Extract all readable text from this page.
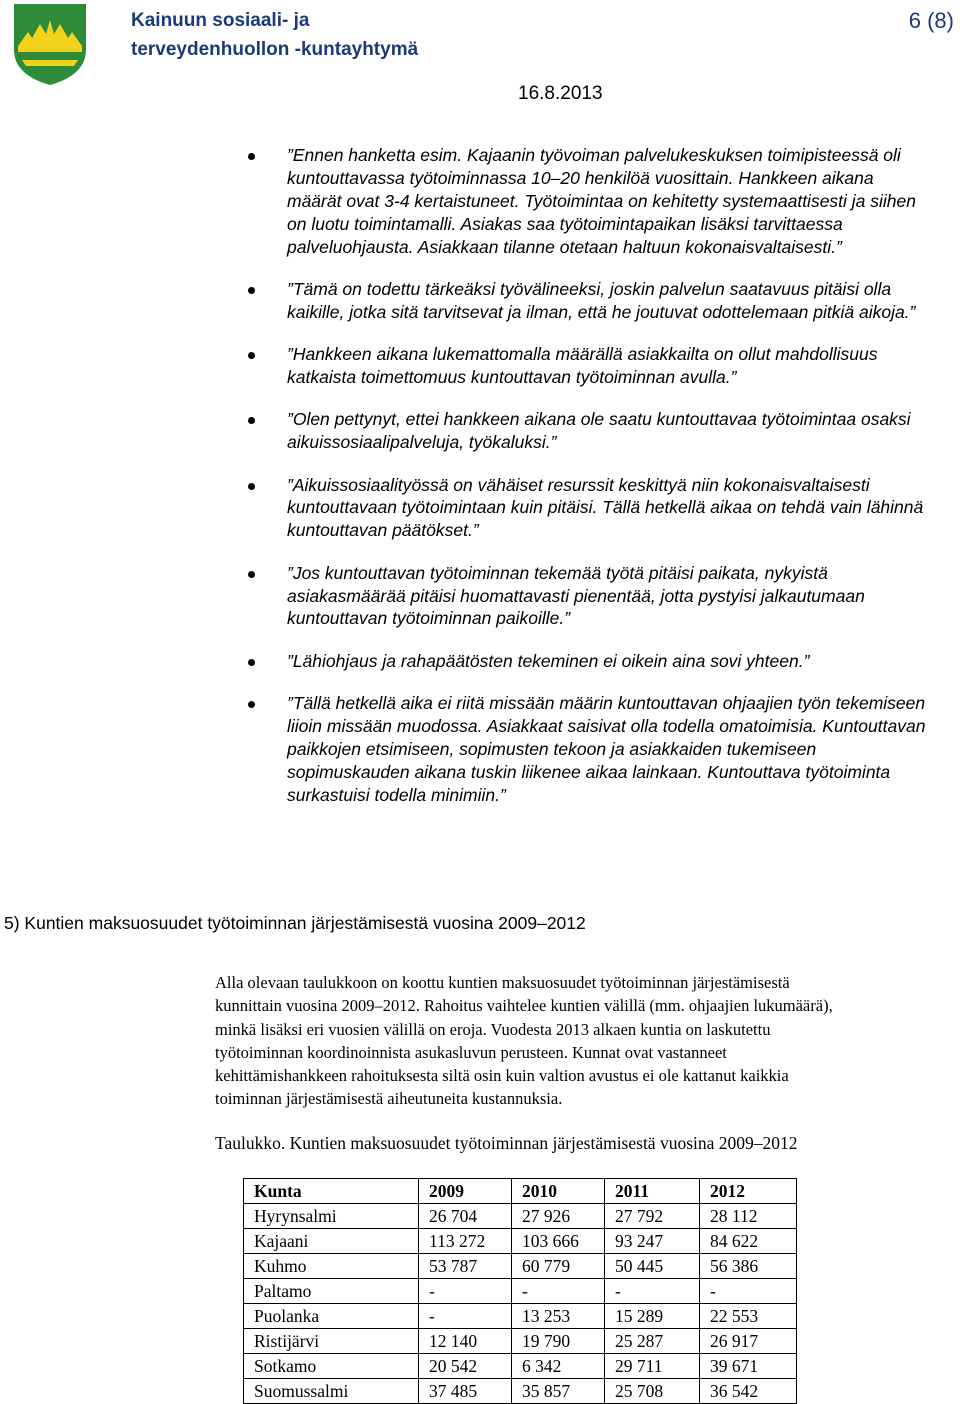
Kainuun sosiaali- ja
terveydenhuollon -kuntayhtymä
6 (8)
16.8.2013
”Ennen hanketta esim. Kajaanin työvoiman palvelukeskuksen toimipisteessä oli kuntouttavassa työtoiminnassa 10–20 henkilöä vuosittain. Hankkeen aikana määrät ovat 3-4 kertaistuneet. Työtoimintaa on kehitetty systemaattisesti ja siihen on luotu toimintamalli. Asiakas saa työtoimintapaikan lisäksi tarvittaessa palveluohjausta. Asiakkaan tilanne otetaan haltuun kokonaisvaltaisesti.”
”Tämä on todettu tärkeäksi työvälineeksi, joskin palvelun saatavuus pitäisi olla kaikille, jotka sitä tarvitsevat ja ilman, että he joutuvat odottelemaan pitkiä aikoja.”
”Hankkeen aikana lukemattomalla määrällä asiakkailta on ollut mahdollisuus katkaista toimettomuus kuntouttavan työtoiminnan avulla.”
”Olen pettynyt, ettei hankkeen aikana ole saatu kuntouttavaa työtoimintaa osaksi aikuissosiaalipalveluja, työkaluksi.”
”Aikuissosiaalityössä on vähäiset resurssit keskittyä niin kokonaisvaltaisesti kuntouttavaan työtoimintaan kuin pitäisi. Tällä hetkellä aikaa on tehdä vain lähinnä kuntouttavan päätökset.”
”Jos kuntouttavan työtoiminnan tekemää työtä pitäisi paikata, nykyistä asiakasmäärää pitäisi huomattavasti pienentää, jotta pystyisi jalkautumaan kuntouttavan työtoiminnan paikoille.”
”Lähiohjaus ja rahapäätösten tekeminen ei oikein aina sovi yhteen.”
”Tällä hetkellä aika ei riitä missään määrin kuntouttavan ohjaajien työn tekemiseen liioin missään muodossa. Asiakkaat saisivat olla todella omatoimisia. Kuntouttavan paikkojen etsimiseen, sopimusten tekoon ja asiakkaiden tukemiseen sopimuskauden aikana tuskin liikenee aikaa lainkaan. Kuntouttava työtoiminta surkastuisi todella minimiin.”
5) Kuntien maksuosuudet työtoiminnan järjestämisestä vuosina 2009–2012
Alla olevaan taulukkoon on koottu kuntien maksuosuudet työtoiminnan järjestämisestä
kunnittain vuosina 2009–2012. Rahoitus vaihtelee kuntien välillä (mm. ohjaajien lukumäärä),
minkä lisäksi eri vuosien välillä on eroja. Vuodesta 2013 alkaen kuntia on laskutettu
työtoiminnan koordinoinnista asukasluvun perusteen. Kunnat ovat vastanneet
kehittämishankkeen rahoituksesta siltä osin kuin valtion avustus ei ole kattanut kaikkia
toiminnan järjestämisestä aiheutuneita kustannuksia.
Taulukko. Kuntien maksuosuudet työtoiminnan järjestämisestä vuosina 2009–2012
Kunta	2009	2010	2011	2012
Hyrynsalmi	26 704	27 926	27 792	28 112
Kajaani	113 272	103 666	93 247	84 622
Kuhmo	53 787	60 779	50 445	56 386
Paltamo	-	-	-	-
Puolanka	-	13 253	15 289	22 553
Ristijärvi	12 140	19 790	25 287	26 917
Sotkamo	20 542	6 342	29 711	39 671
Suomussalmi	37 485	35 857	25 708	36 542
